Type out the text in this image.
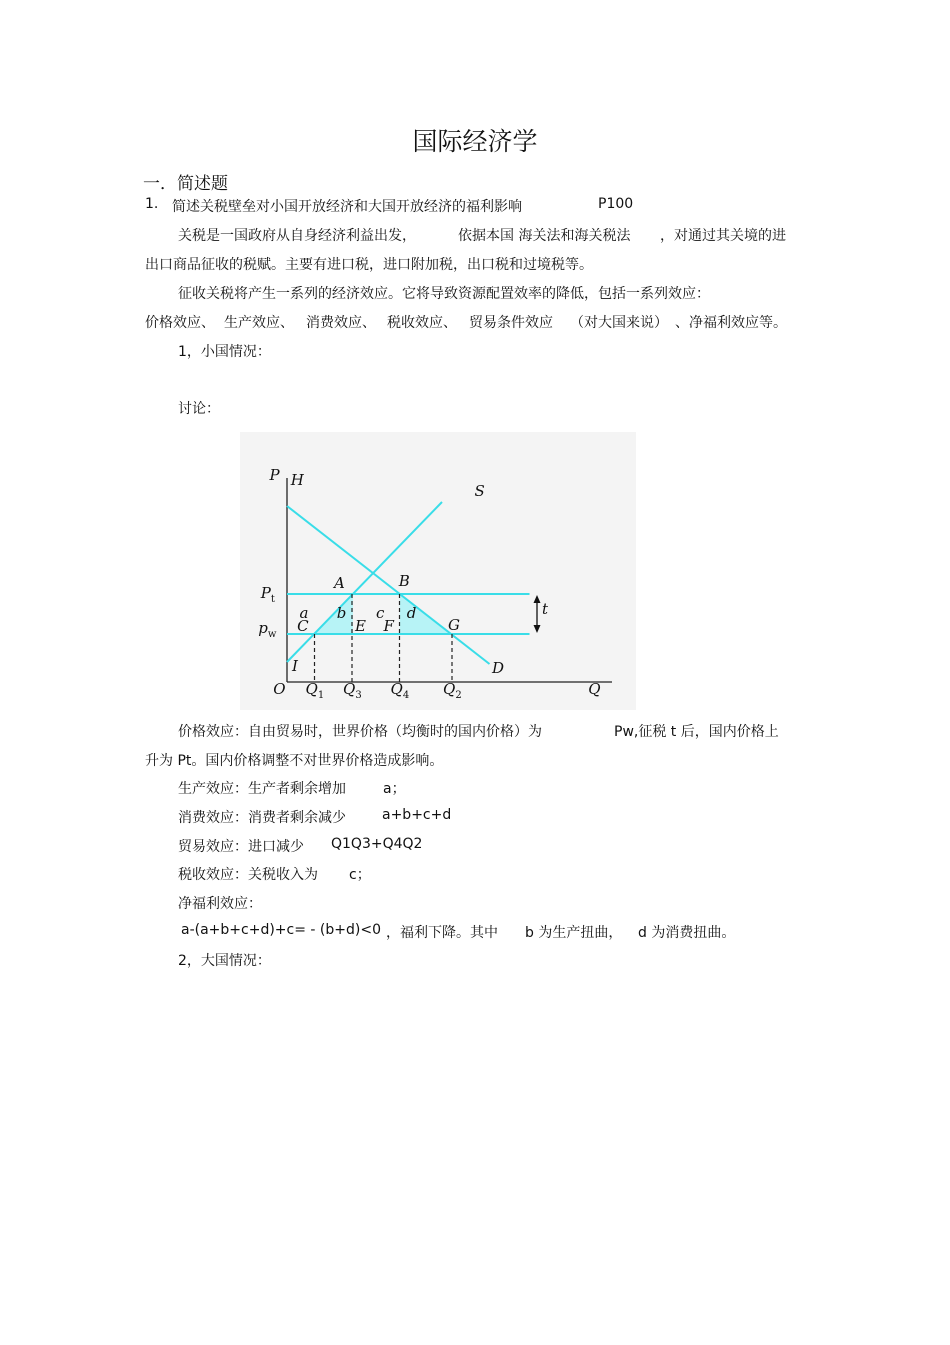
国际经济学
一．简述题
1. 简述关税壁垒对小国开放经济和大国开放经济的福利影响	P100
关税是一国政府从自身经济利益出发，	依据本国 海关法和海关税法 ，对通过其关境的进
出口商品征收的税赋。主要有进口税，进口附加税，出口税和过境税等。
征收关税将产生一系列的经济效应。它将导致资源配置效率的降低，包括一系列效应：
价格效应、 生产效应、 消费效应、 税收效应、 贸易条件效应 （对大国来说） 、净福利效应等。
1，小国情况：
讨论：
P H
S
A	B
C	E F	G
I	D
O	Q
$P_t$
$p_w$
a b c d	t
$Q_1$ $Q_3$ $Q_4$ $Q_2$
价格效应：自由贸易时，世界价格（均衡时的国内价格）为	Pw,征税 t 后，国内价格上
升为 Pt。国内价格调整不对世界价格造成影响。
生产效应：生产者剩余增加	a；
消费效应：消费者剩余减少	a+b+c+d
贸易效应：进口减少 Q1Q3+Q4Q2
税收效应：关税收入为 c；
净福利效应：
a-(a+b+c+d)+c= - (b+d)<0 ，福利下降。其中 b 为生产扭曲， d 为消费扭曲。
2，大国情况：
